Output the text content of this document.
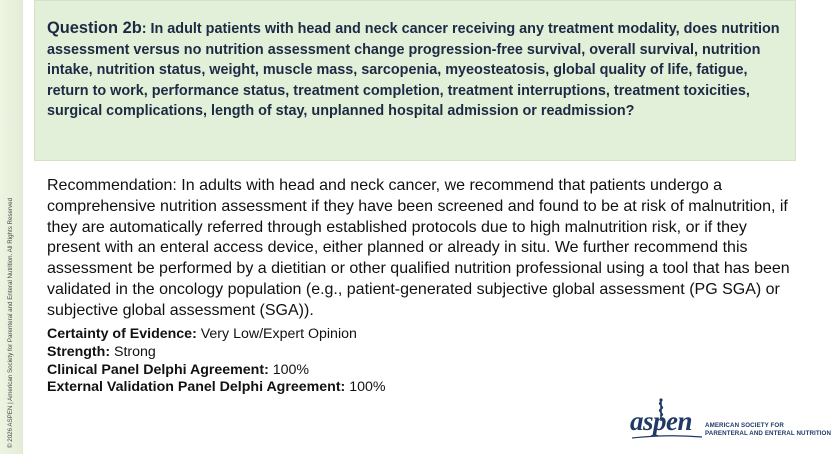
© 2026 ASPEN | American Society for Parenteral and Enteral Nutrition. All Rights Reserved

Question 2b: In adult patients with head and neck cancer receiving any treatment modality, does nutrition assessment versus no nutrition assessment change progression-free survival, overall survival, nutrition intake, nutrition status, weight, muscle mass, sarcopenia, myeosteatosis, global quality of life, fatigue, return to work, performance status, treatment completion, treatment interruptions, treatment toxicities, surgical complications, length of stay, unplanned hospital admission or readmission?

Recommendation: In adults with head and neck cancer, we recommend that patients undergo a comprehensive nutrition assessment if they have been screened and found to be at risk of malnutrition, if they are automatically referred through established protocols due to high malnutrition risk, or if they present with an enteral access device, either planned or already in situ. We further recommend this assessment be performed by a dietitian or other qualified nutrition professional using a tool that has been validated in the oncology population (e.g., patient-generated subjective global assessment (PG SGA) or subjective global assessment (SGA)).

Certainty of Evidence: Very Low/Expert Opinion
Strength: Strong
Clinical Panel Delphi Agreement: 100%
External Validation Panel Delphi Agreement: 100%
aspen AMERICAN SOCIETY FOR
PARENTERAL AND ENTERAL NUTRITION
